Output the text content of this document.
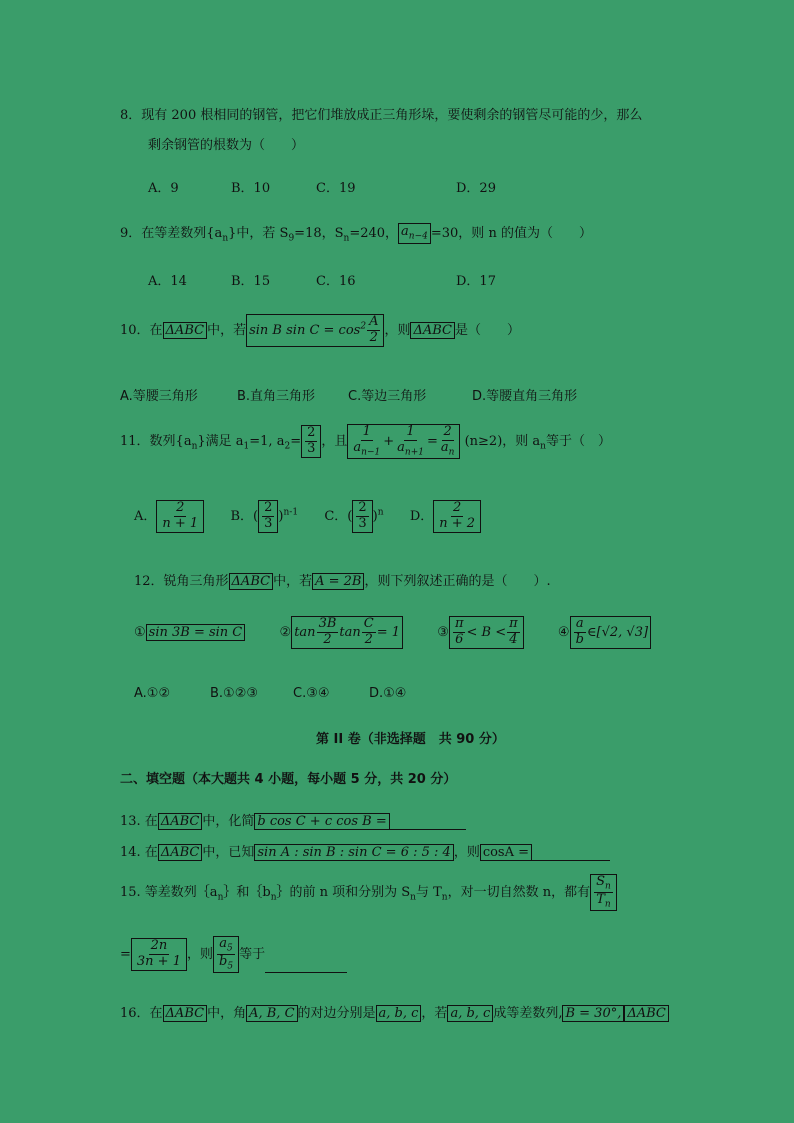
8．现有 200 根相同的钢管，把它们堆放成正三角形垛，要使剩余的钢管尽可能的少，那么
剩余钢管的根数为（　　）
A．9	B．10	C．19	D．29
9．在等差数列$\{a_n\}$中，若 $S_9=18$，$S_n=240$， $a_{n-4} =30$，则 n 的值为（　　）
A．14	B．15	C．16	D．17
10．在 ΔABC 中，若 sin B $\sin C = \cos^2 \frac{A}{2}$ ，则 ΔABC 是（　　）
A.等腰三角形	B.直角三角形	C.等边三角形	D.等腰直角三角形
11．数列$\{a_n\}$满足 $a_1=1$, $a_2= \frac{2}{3}$ ，且 $\frac{1}{a_{n-1}} + \frac{1}{a_{n+1}} = \frac{2}{a_n} (n\ge 2)$，则 $a_n$等于（　）
A． $\frac{2}{n + 1}$ B．( $\frac{2}{3} )^{n-1}$ C．( $\frac{2}{3} )^n$ D． $\frac{2}{n + 2}$
12．锐角三角形 ΔABC 中，若 A = 2B ，则下列叙述正确的是（　　）.
① sin 3B = sin C	② $\tan \frac{3B}{2}$ $\tan \frac{C}{2} = 1$	③ $\frac{\pi}{6} < B < \frac{\pi}{4}$	④ $\frac{a}{b}$ ∈[√2, √3]
A.①②	B.①②③	C.③④	D.①④
第 II 卷（非选择题　共 90 分）
二、填空题（本大题共 4 小题，每小题 5 分，共 20 分）
13. 在 ΔABC 中，化简 b cos C + c cos B =
14. 在 ΔABC 中，已知 sin A : sin B : sin C = 6 : 5 : 4 ，则 cosA =
15. 等差数列$\{a_n\}$和$\{b_n\}$的前 n 项和分别为 $S_n$与 $T_n$，对一切自然数 n，都有 $\frac{S_n}{T_n}$
= $\frac{2n}{3n + 1}$ ，则 $\frac{a_5}{b_5}$ 等于
16．在 ΔABC 中，角 A, B, C 的对边分别是 a, b, c ，若 a, b, c 成等差数列, B = 30°, ΔABC
